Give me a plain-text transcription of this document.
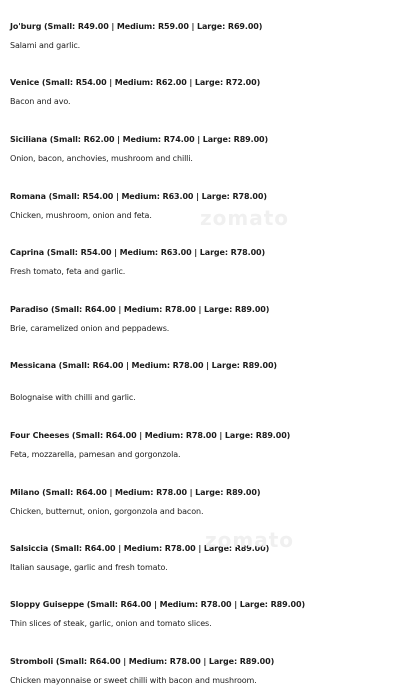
Jo'burg (Small: R49.00 | Medium: R59.00 | Large: R69.00)
Salami and garlic.
Venice (Small: R54.00 | Medium: R62.00 | Large: R72.00)
Bacon and avo.
Siciliana (Small: R62.00 | Medium: R74.00 | Large: R89.00)
Onion, bacon, anchovies, mushroom and chilli.
Romana (Small: R54.00 | Medium: R63.00 | Large: R78.00)
Chicken, mushroom, onion and feta.
Caprina (Small: R54.00 | Medium: R63.00 | Large: R78.00)
Fresh tomato, feta and garlic.
Paradiso (Small: R64.00 | Medium: R78.00 | Large: R89.00)
Brie, caramelized onion and peppadews.
Messicana (Small: R64.00 | Medium: R78.00 | Large: R89.00)
Bolognaise with chilli and garlic.
Four Cheeses (Small: R64.00 | Medium: R78.00 | Large: R89.00)
Feta, mozzarella, pamesan and gorgonzola.
Milano (Small: R64.00 | Medium: R78.00 | Large: R89.00)
Chicken, butternut, onion, gorgonzola and bacon.
Salsiccia (Small: R64.00 | Medium: R78.00 | Large: R89.00)
Italian sausage, garlic and fresh tomato.
Sloppy Guiseppe (Small: R64.00 | Medium: R78.00 | Large: R89.00)
Thin slices of steak, garlic, onion and tomato slices.
Stromboli (Small: R64.00 | Medium: R78.00 | Large: R89.00)
Chicken mayonnaise or sweet chilli with bacon and mushroom.
zomato
zomato
